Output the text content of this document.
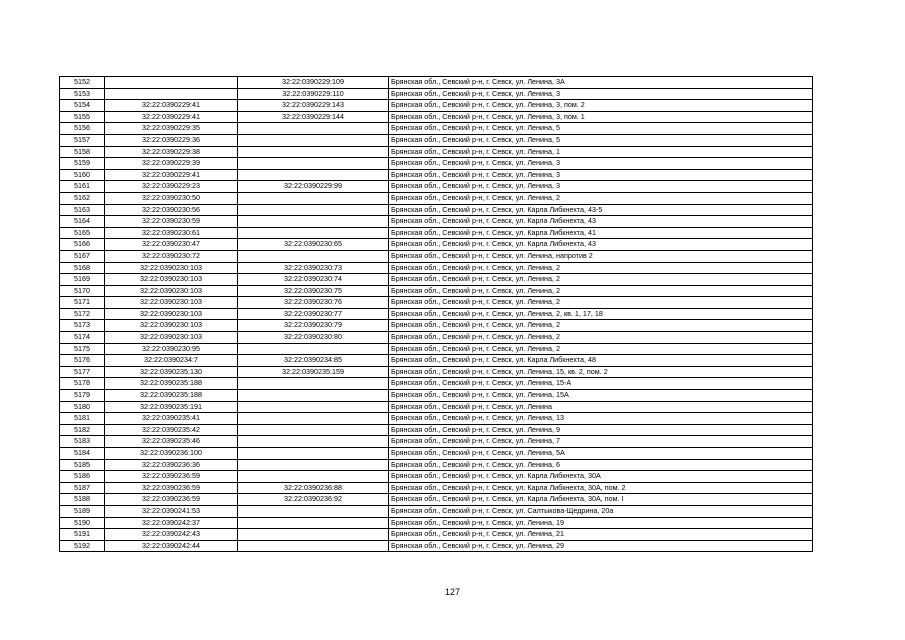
5152		32:22:0390229:109	Брянская обл., Севский р-н, г. Севск, ул. Ленина, 3А
5153		32:22:0390229:110	Брянская обл., Севский р-н, г. Севск, ул. Ленина, 3
5154	32:22:0390229:41	32:22:0390229:143	Брянская обл., Севский р-н, г. Севск, ул. Ленина, 3, пом. 2
5155	32:22:0390229:41	32:22:0390229:144	Брянская обл., Севский р-н, г. Севск, ул. Ленина, 3, пом. 1
5156	32:22:0390229:35		Брянская обл., Севский р-н, г. Севск, ул. Ленина, 5
5157	32:22:0390229:36		Брянская обл., Севский р-н, г. Севск, ул. Ленина, 5
5158	32:22:0390229:38		Брянская обл., Севский р-н, г. Севск, ул. Ленина, 1
5159	32:22:0390229:39		Брянская обл., Севский р-н, г. Севск, ул. Ленина, 3
5160	32:22:0390229:41		Брянская обл., Севский р-н, г. Севск, ул. Ленина, 3
5161	32:22:0390229:23	32:22:0390229:99	Брянская обл., Севский р-н, г. Севск, ул. Ленина, 3
5162	32:22:0390230:50		Брянская обл., Севский р-н, г. Севск, ул. Ленина, 2
5163	32:22:0390230:56		Брянская обл., Севский р-н, г. Севск, ул. Карла Либкнехта, 43-5
5164	32:22:0390230:59		Брянская обл., Севский р-н, г. Севск, ул. Карла Либкнехта, 43
5165	32:22:0390230:61		Брянская обл., Севский р-н, г. Севск, ул. Карла Либкнехта, 41
5166	32:22:0390230:47	32:22:0390230:65	Брянская обл., Севский р-н, г. Севск, ул. Карла Либкнехта, 43
5167	32:22:0390230:72		Брянская обл., Севский р-н, г. Севск, ул. Ленина, напротив 2
5168	32:22:0390230:103	32:22:0390230:73	Брянская обл., Севский р-н, г. Севск, ул. Ленина, 2
5169	32:22:0390230:103	32:22:0390230:74	Брянская обл., Севский р-н, г. Севск, ул. Ленина, 2
5170	32:22:0390230:103	32:22:0390230:75	Брянская обл., Севский р-н, г. Севск, ул. Ленина, 2
5171	32:22:0390230:103	32:22:0390230:76	Брянская обл., Севский р-н, г. Севск, ул. Ленина, 2
5172	32:22:0390230:103	32:22:0390230:77	Брянская обл., Севский р-н, г. Севск, ул. Ленина, 2, кв. 1, 17, 18
5173	32:22:0390230:103	32:22:0390230:79	Брянская обл., Севский р-н, г. Севск, ул. Ленина, 2
5174	32:22:0390230:103	32:22:0390230:80	Брянская обл., Севский р-н, г. Севск, ул. Ленина, 2
5175	32:22:0390230:95		Брянская обл., Севский р-н, г. Севск, ул. Ленина, 2
5176	32:22:0390234:7	32:22:0390234:85	Брянская обл., Севский р-н, г. Севск, ул. Карла Либкнехта, 48
5177	32:22:0390235:130	32:22:0390235:159	Брянская обл., Севский р-н, г. Севск, ул. Ленина, 15, кв. 2, пом. 2
5178	32:22:0390235:188		Брянская обл., Севский р-н, г. Севск, ул. Ленина, 15-А
5179	32:22:0390235:188		Брянская обл., Севский р-н, г. Севск, ул. Ленина, 15А
5180	32:22:0390235:191		Брянская обл., Севский р-н, г. Севск, ул. Ленина
5181	32:22:0390235:41		Брянская обл., Севский р-н, г. Севск, ул. Ленина, 13
5182	32:22:0390235:42		Брянская обл., Севский р-н, г. Севск, ул. Ленина, 9
5183	32:22:0390235:46		Брянская обл., Севский р-н, г. Севск, ул. Ленина, 7
5184	32:22:0390236:100		Брянская обл., Севский р-н, г. Севск, ул. Ленина, 5А
5185	32:22:0390236:36		Брянская обл., Севский р-н, г. Севск, ул. Ленина, 6
5186	32:22:0390236:59		Брянская обл., Севский р-н, г. Севск, ул. Карла Либкнехта, 30А
5187	32:22:0390236:59	32:22:0390236:88	Брянская обл., Севский р-н, г. Севск, ул. Карла Либкнехта, 30А, пом. 2
5188	32:22:0390236:59	32:22:0390236:92	Брянская обл., Севский р-н, г. Севск, ул. Карла Либкнехта, 30А, пом. I
5189	32:22:0390241:53		Брянская обл., Севский р-н, г. Севск, ул. Салтыкова-Щедрина, 20а
5190	32:22:0390242:37		Брянская обл., Севский р-н, г. Севск, ул. Ленина, 19
5191	32:22:0390242:43		Брянская обл., Севский р-н, г. Севск, ул. Ленина, 21
5192	32:22:0390242:44		Брянская обл., Севский р-н, г. Севск, ул. Ленина, 29
127
